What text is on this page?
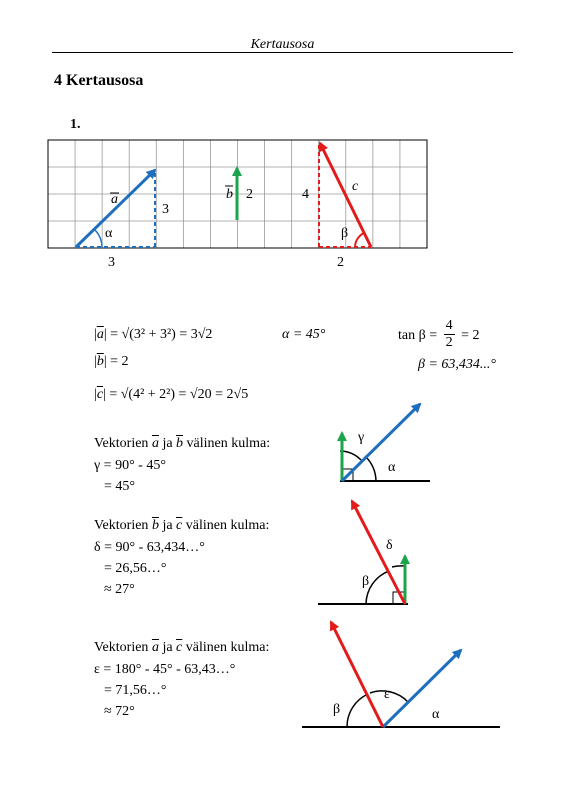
Kertausosa
4 Kertausosa
1.
a
3
3
α
b 2	4
c
β
2
$|\overline{a}| = √(3^2 + 3^2) = 3√2$
$|\overline{b}| = 2$
$|\overline{c}| = √(4^2 + 2^2) = √20 = 2√5$
α = 45°	$\tan \beta = \frac{4}{2} = 2$
β = 63,434...°
Vektorien $\overline{a}$ ja $\overline{b}$ välinen kulma:
γ = 90° - 45°
= 45°
Vektorien $\overline{b}$ ja $\overline{c}$ välinen kulma:
δ = 90° - 63,434…°
= 26,56…°
≈ 27°
Vektorien $\overline{a}$ ja $\overline{c}$ välinen kulma:
ε = 180° - 45° - 63,43…°
= 71,56…°
≈ 72°
γ
α
δ
β
β
ε
α
